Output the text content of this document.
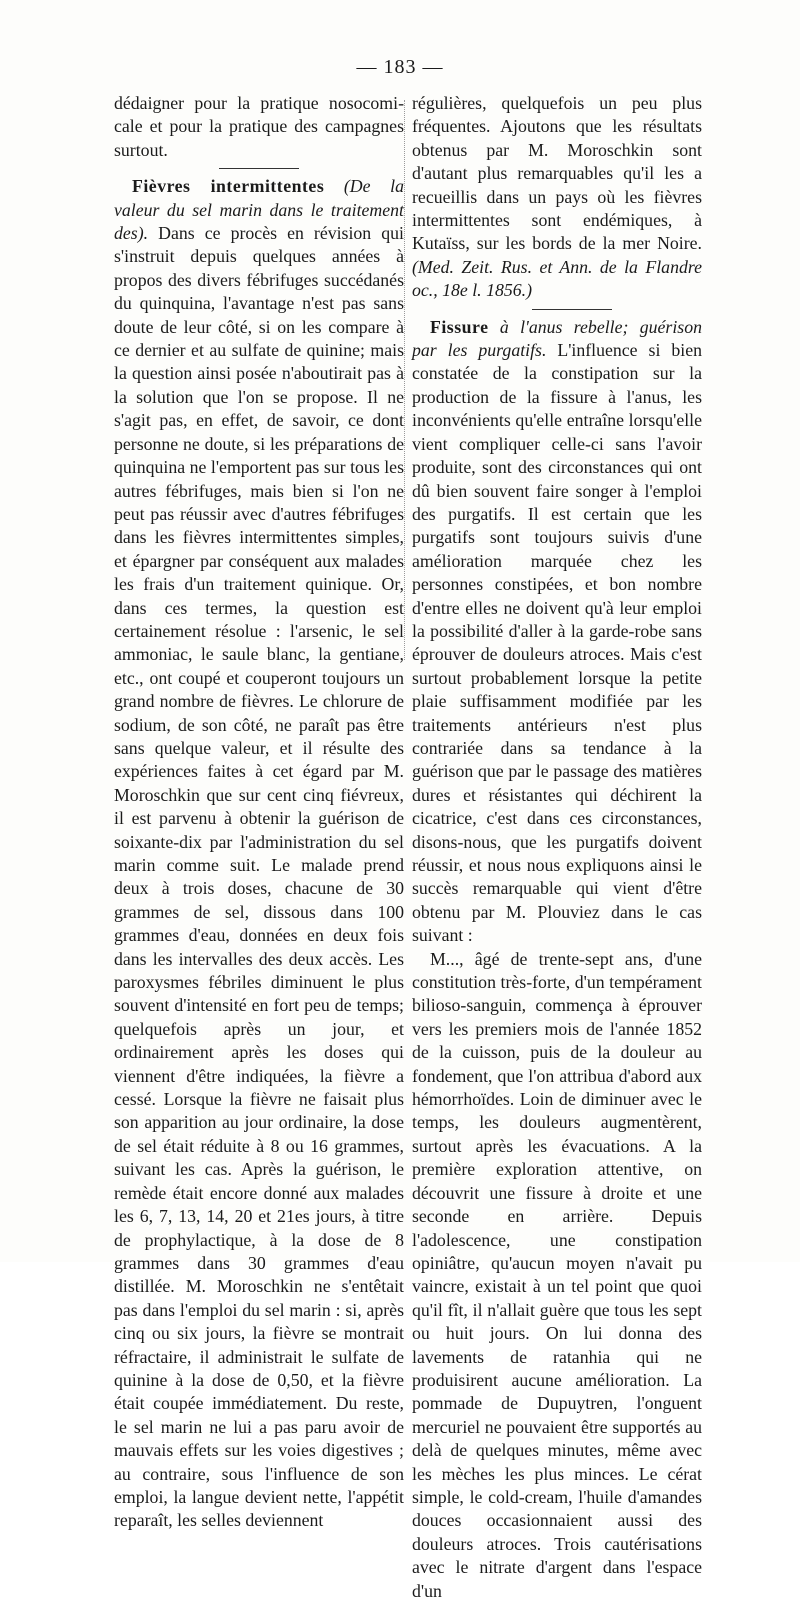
— 183 —

dédaigner pour la pratique nosocomi-cale et pour la pratique des campagnes surtout.

Fièvres intermittentes (De la valeur du sel marin dans le traitement des). Dans ce procès en révision qui s'instruit depuis quelques années à propos des divers fébrifuges succédanés du quinquina, l'avantage n'est pas sans doute de leur côté, si on les compare à ce dernier et au sulfate de quinine; mais la question ainsi posée n'aboutirait pas à la solution que l'on se propose. Il ne s'agit pas, en effet, de savoir, ce dont personne ne doute, si les préparations de quinquina ne l'emportent pas sur tous les autres fébrifuges, mais bien si l'on ne peut pas réussir avec d'autres fébrifuges dans les fièvres intermittentes simples, et épargner par conséquent aux malades les frais d'un traitement quinique. Or, dans ces termes, la question est certainement résolue : l'arsenic, le sel ammoniac, le saule blanc, la gentiane, etc., ont coupé et couperont toujours un grand nombre de fièvres. Le chlorure de sodium, de son côté, ne paraît pas être sans quelque valeur, et il résulte des expériences faites à cet égard par M. Moroschkin que sur cent cinq fiévreux, il est parvenu à obtenir la guérison de soixante-dix par l'administration du sel marin comme suit. Le malade prend deux à trois doses, chacune de 30 grammes de sel, dissous dans 100 grammes d'eau, données en deux fois dans les intervalles des deux accès. Les paroxysmes fébriles diminuent le plus souvent d'intensité en fort peu de temps; quelquefois après un jour, et ordinairement après les doses qui viennent d'être indiquées, la fièvre a cessé. Lorsque la fièvre ne faisait plus son apparition au jour ordinaire, la dose de sel était réduite à 8 ou 16 grammes, suivant les cas. Après la guérison, le remède était encore donné aux malades les 6, 7, 13, 14, 20 et 21es jours, à titre de prophylactique, à la dose de 8 grammes dans 30 grammes d'eau distillée. M. Moroschkin ne s'entêtait pas dans l'emploi du sel marin : si, après cinq ou six jours, la fièvre se montrait réfractaire, il administrait le sulfate de quinine à la dose de 0,50, et la fièvre était coupée immédiatement. Du reste, le sel marin ne lui a pas paru avoir de mauvais effets sur les voies digestives ; au contraire, sous l'influence de son emploi, la langue devient nette, l'appétit reparaît, les selles deviennent

régulières, quelquefois un peu plus fréquentes. Ajoutons que les résultats obtenus par M. Moroschkin sont d'autant plus remarquables qu'il les a recueillis dans un pays où les fièvres intermittentes sont endémiques, à Kutaïss, sur les bords de la mer Noire. (Med. Zeit. Rus. et Ann. de la Flandre oc., 18e l. 1856.)

Fissure à l'anus rebelle; guérison par les purgatifs. L'influence si bien constatée de la constipation sur la production de la fissure à l'anus, les inconvénients qu'elle entraîne lorsqu'elle vient compliquer celle-ci sans l'avoir produite, sont des circonstances qui ont dû bien souvent faire songer à l'emploi des purgatifs. Il est certain que les purgatifs sont toujours suivis d'une amélioration marquée chez les personnes constipées, et bon nombre d'entre elles ne doivent qu'à leur emploi la possibilité d'aller à la garde-robe sans éprouver de douleurs atroces. Mais c'est surtout probablement lorsque la petite plaie suffisamment modifiée par les traitements antérieurs n'est plus contrariée dans sa tendance à la guérison que par le passage des matières dures et résistantes qui déchirent la cicatrice, c'est dans ces circonstances, disons-nous, que les purgatifs doivent réussir, et nous nous expliquons ainsi le succès remarquable qui vient d'être obtenu par M. Plouviez dans le cas suivant :

M..., âgé de trente-sept ans, d'une constitution très-forte, d'un tempérament bilioso-sanguin, commença à éprouver vers les premiers mois de l'année 1852 de la cuisson, puis de la douleur au fondement, que l'on attribua d'abord aux hémorrhoïdes. Loin de diminuer avec le temps, les douleurs augmentèrent, surtout après les évacuations. A la première exploration attentive, on découvrit une fissure à droite et une seconde en arrière. Depuis l'adolescence, une constipation opiniâtre, qu'aucun moyen n'avait pu vaincre, existait à un tel point que quoi qu'il fît, il n'allait guère que tous les sept ou huit jours. On lui donna des lavements de ratanhia qui ne produisirent aucune amélioration. La pommade de Dupuytren, l'onguent mercuriel ne pouvaient être supportés au delà de quelques minutes, même avec les mèches les plus minces. Le cérat simple, le cold-cream, l'huile d'amandes douces occasionnaient aussi des douleurs atroces. Trois cautérisations avec le nitrate d'argent dans l'espace d'un
